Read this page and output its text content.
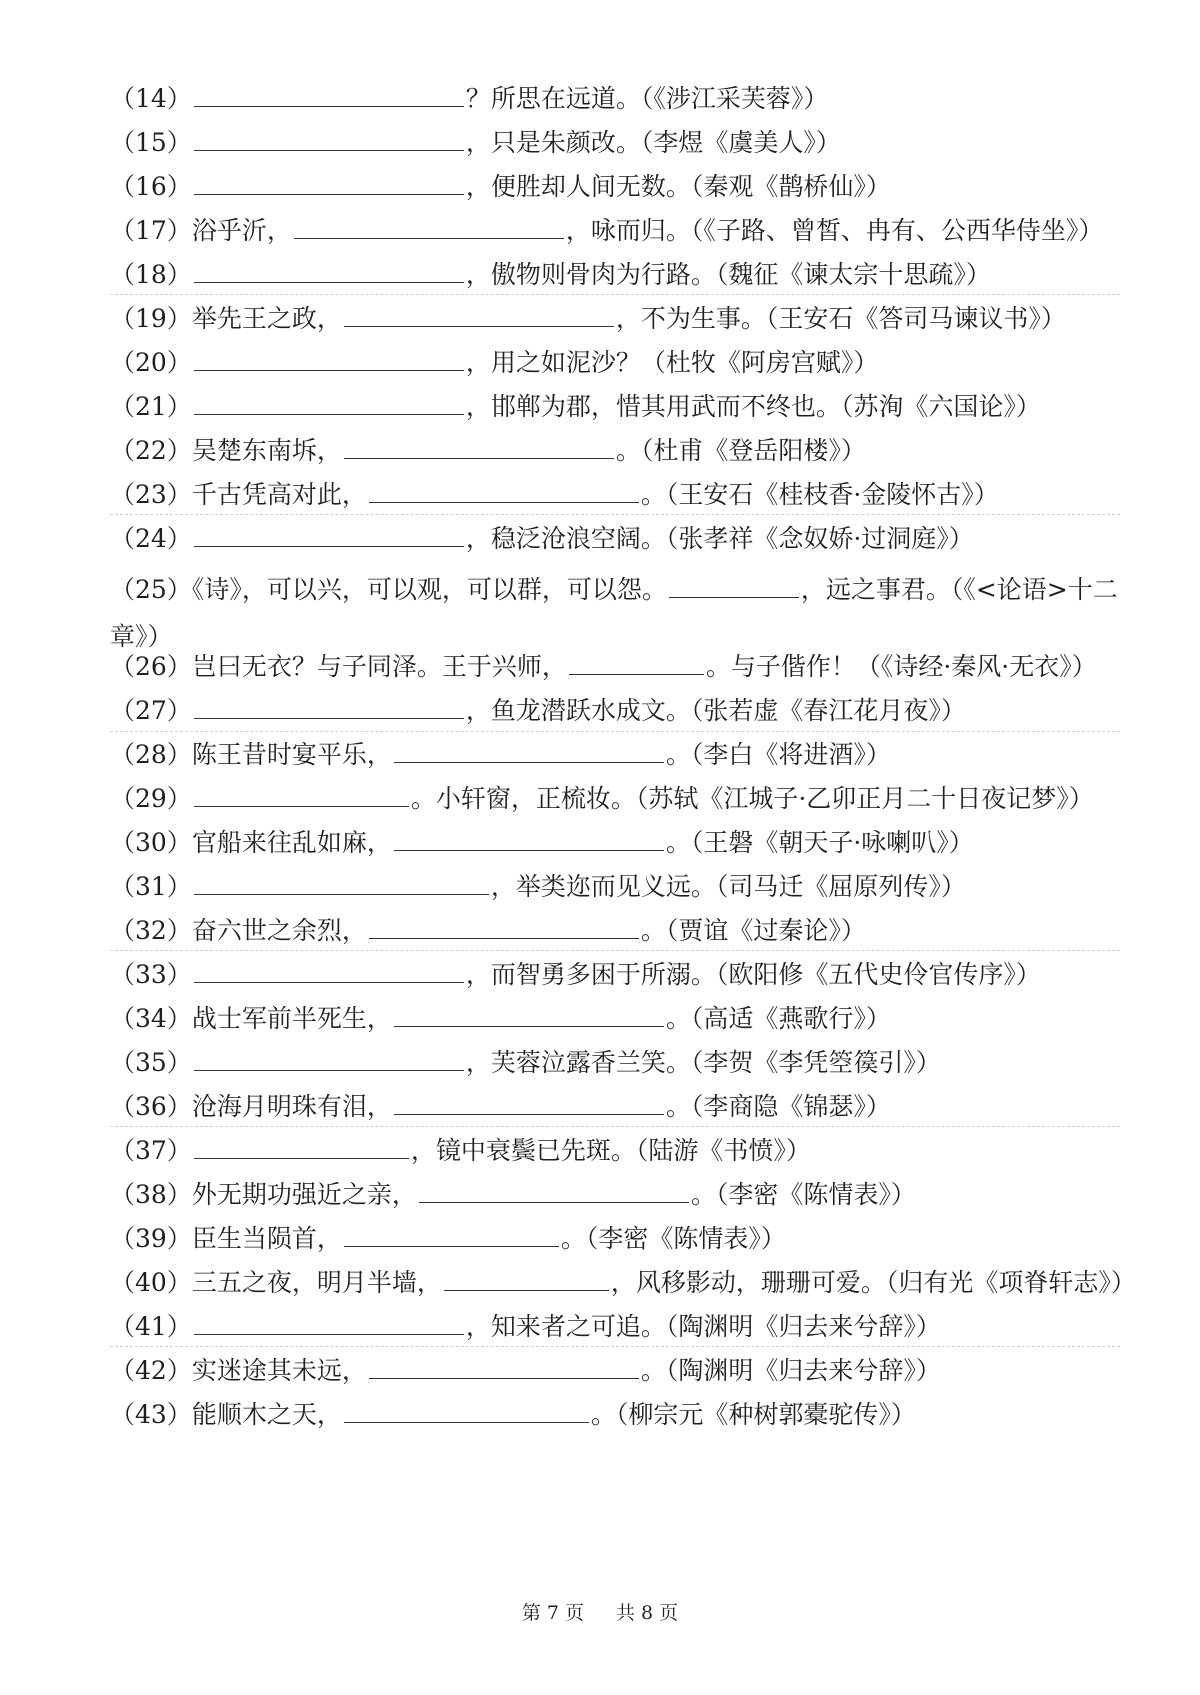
（14）	？所思在远道。（《涉江采芙蓉》）
（15）	，只是朱颜改。（李煜《虞美人》）
（16）	，便胜却人间无数。（秦观《鹊桥仙》）
（17）浴乎沂，	，咏而归。（《子路、曾皙、冉有、公西华侍坐》）
（18）	，傲物则骨肉为行路。（魏征《谏太宗十思疏》）
（19）举先王之政，	，不为生事。（王安石《答司马谏议书》）
（20）	，用之如泥沙？（杜牧《阿房宫赋》）
（21）	，邯郸为郡，惜其用武而不终也。（苏洵《六国论》）
（22）吴楚东南坼，	。（杜甫《登岳阳楼》）
（23）千古凭高对此，	。（王安石《桂枝香·金陵怀古》）
（24）	，稳泛沧浪空阔。（张孝祥《念奴娇·过洞庭》）
（25）《诗》，可以兴，可以观，可以群，可以怨。	，远之事君。（《<论语>十二章》）
（26）岂曰无衣？与子同泽。王于兴师，	。与子偕作！（《诗经·秦风·无衣》）
（27）	，鱼龙潜跃水成文。（张若虚《春江花月夜》）
（28）陈王昔时宴平乐，	。（李白《将进酒》）
（29）	。小轩窗，正梳妆。（苏轼《江城子·乙卯正月二十日夜记梦》）
（30）官船来往乱如麻，	。（王磐《朝天子·咏喇叭》）
（31）	，举类迩而见义远。（司马迁《屈原列传》）
（32）奋六世之余烈，	。（贾谊《过秦论》）
（33）	，而智勇多困于所溺。（欧阳修《五代史伶官传序》）
（34）战士军前半死生，	。（高适《燕歌行》）
（35）	，芙蓉泣露香兰笑。（李贺《李凭箜篌引》）
（36）沧海月明珠有泪，	。（李商隐《锦瑟》）
（37）	，镜中衰鬓已先斑。（陆游《书愤》）
（38）外无期功强近之亲，	。（李密《陈情表》）
（39）臣生当陨首，	。（李密《陈情表》）
（40）三五之夜，明月半墙，	，风移影动，珊珊可爱。（归有光《项脊轩志》）
（41）	，知来者之可追。（陶渊明《归去来兮辞》）
（42）实迷途其未远，	。（陶渊明《归去来兮辞》）
（43）能顺木之天，	。（柳宗元《种树郭橐驼传》）
第 7 页 共 8 页
